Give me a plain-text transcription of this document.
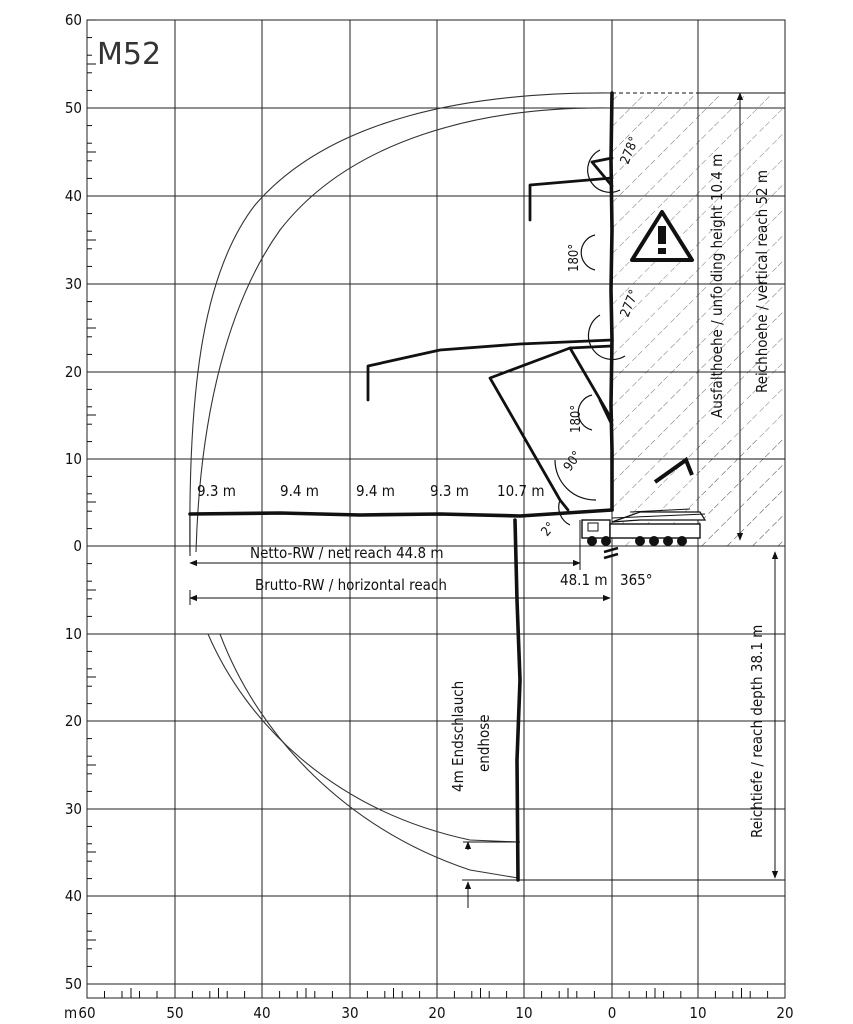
60
50
40
30
20
10
0
10
20
30
40
50
m 60	50	40	30	20	10	0	10	20
M52
278°
180°
277°
180°
90°
2°
9.3 m	9.4 m 9.4 m 9.3 m 10.7 m
Netto-RW / net reach 44.8 m
Brutto-RW / horizontal reach	48.1 m 365°
Ausfalthoehe / unfolding height 10.4 m Reichhoehe / vertical reach 52 m
Reichtiefe / reach depth 38.1 m
4m Endschlauch endhose
